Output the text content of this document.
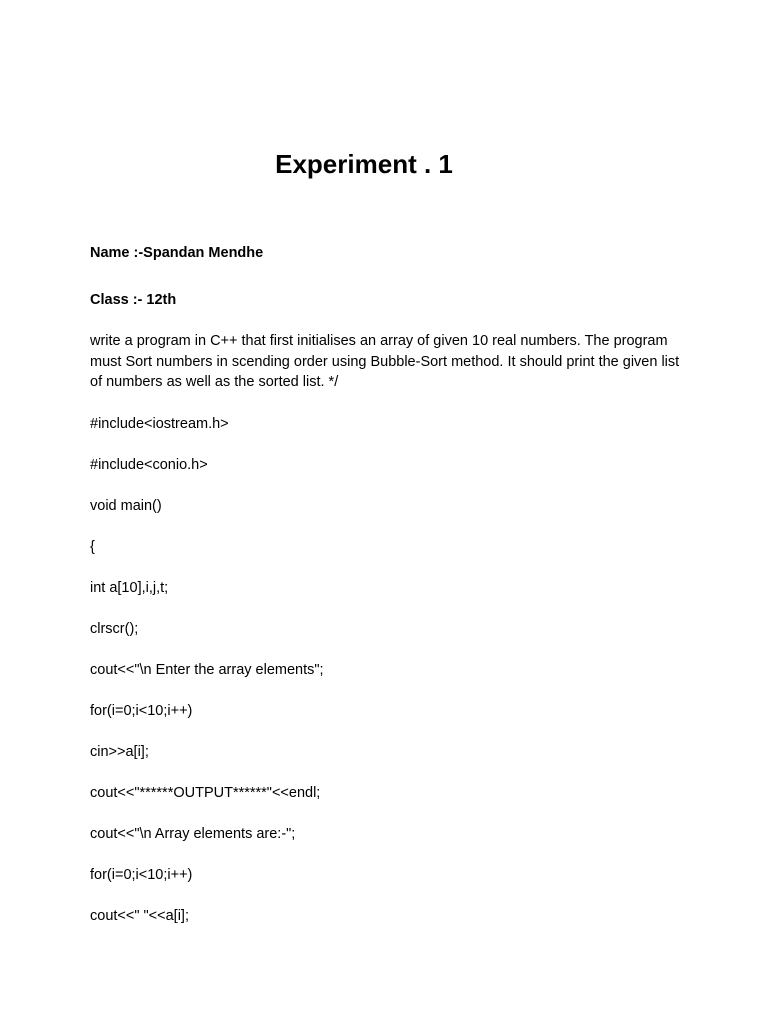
Experiment . 1
Name :-Spandan Mendhe
Class :- 12th

write a program in C++ that first initialises an array of given 10 real numbers. The program must Sort numbers in scending order using Bubble-Sort method. It should print the given list of numbers as well as the sorted list. */

#include<iostream.h>
#include<conio.h>
void main()
{
int a[10],i,j,t;
clrscr();
cout<<"\n Enter the array elements";
for(i=0;i<10;i++)
cin>>a[i];
cout<<"******OUTPUT******"<<endl;
cout<<"\n Array elements are:-";
for(i=0;i<10;i++)
cout<<" "<<a[i];
